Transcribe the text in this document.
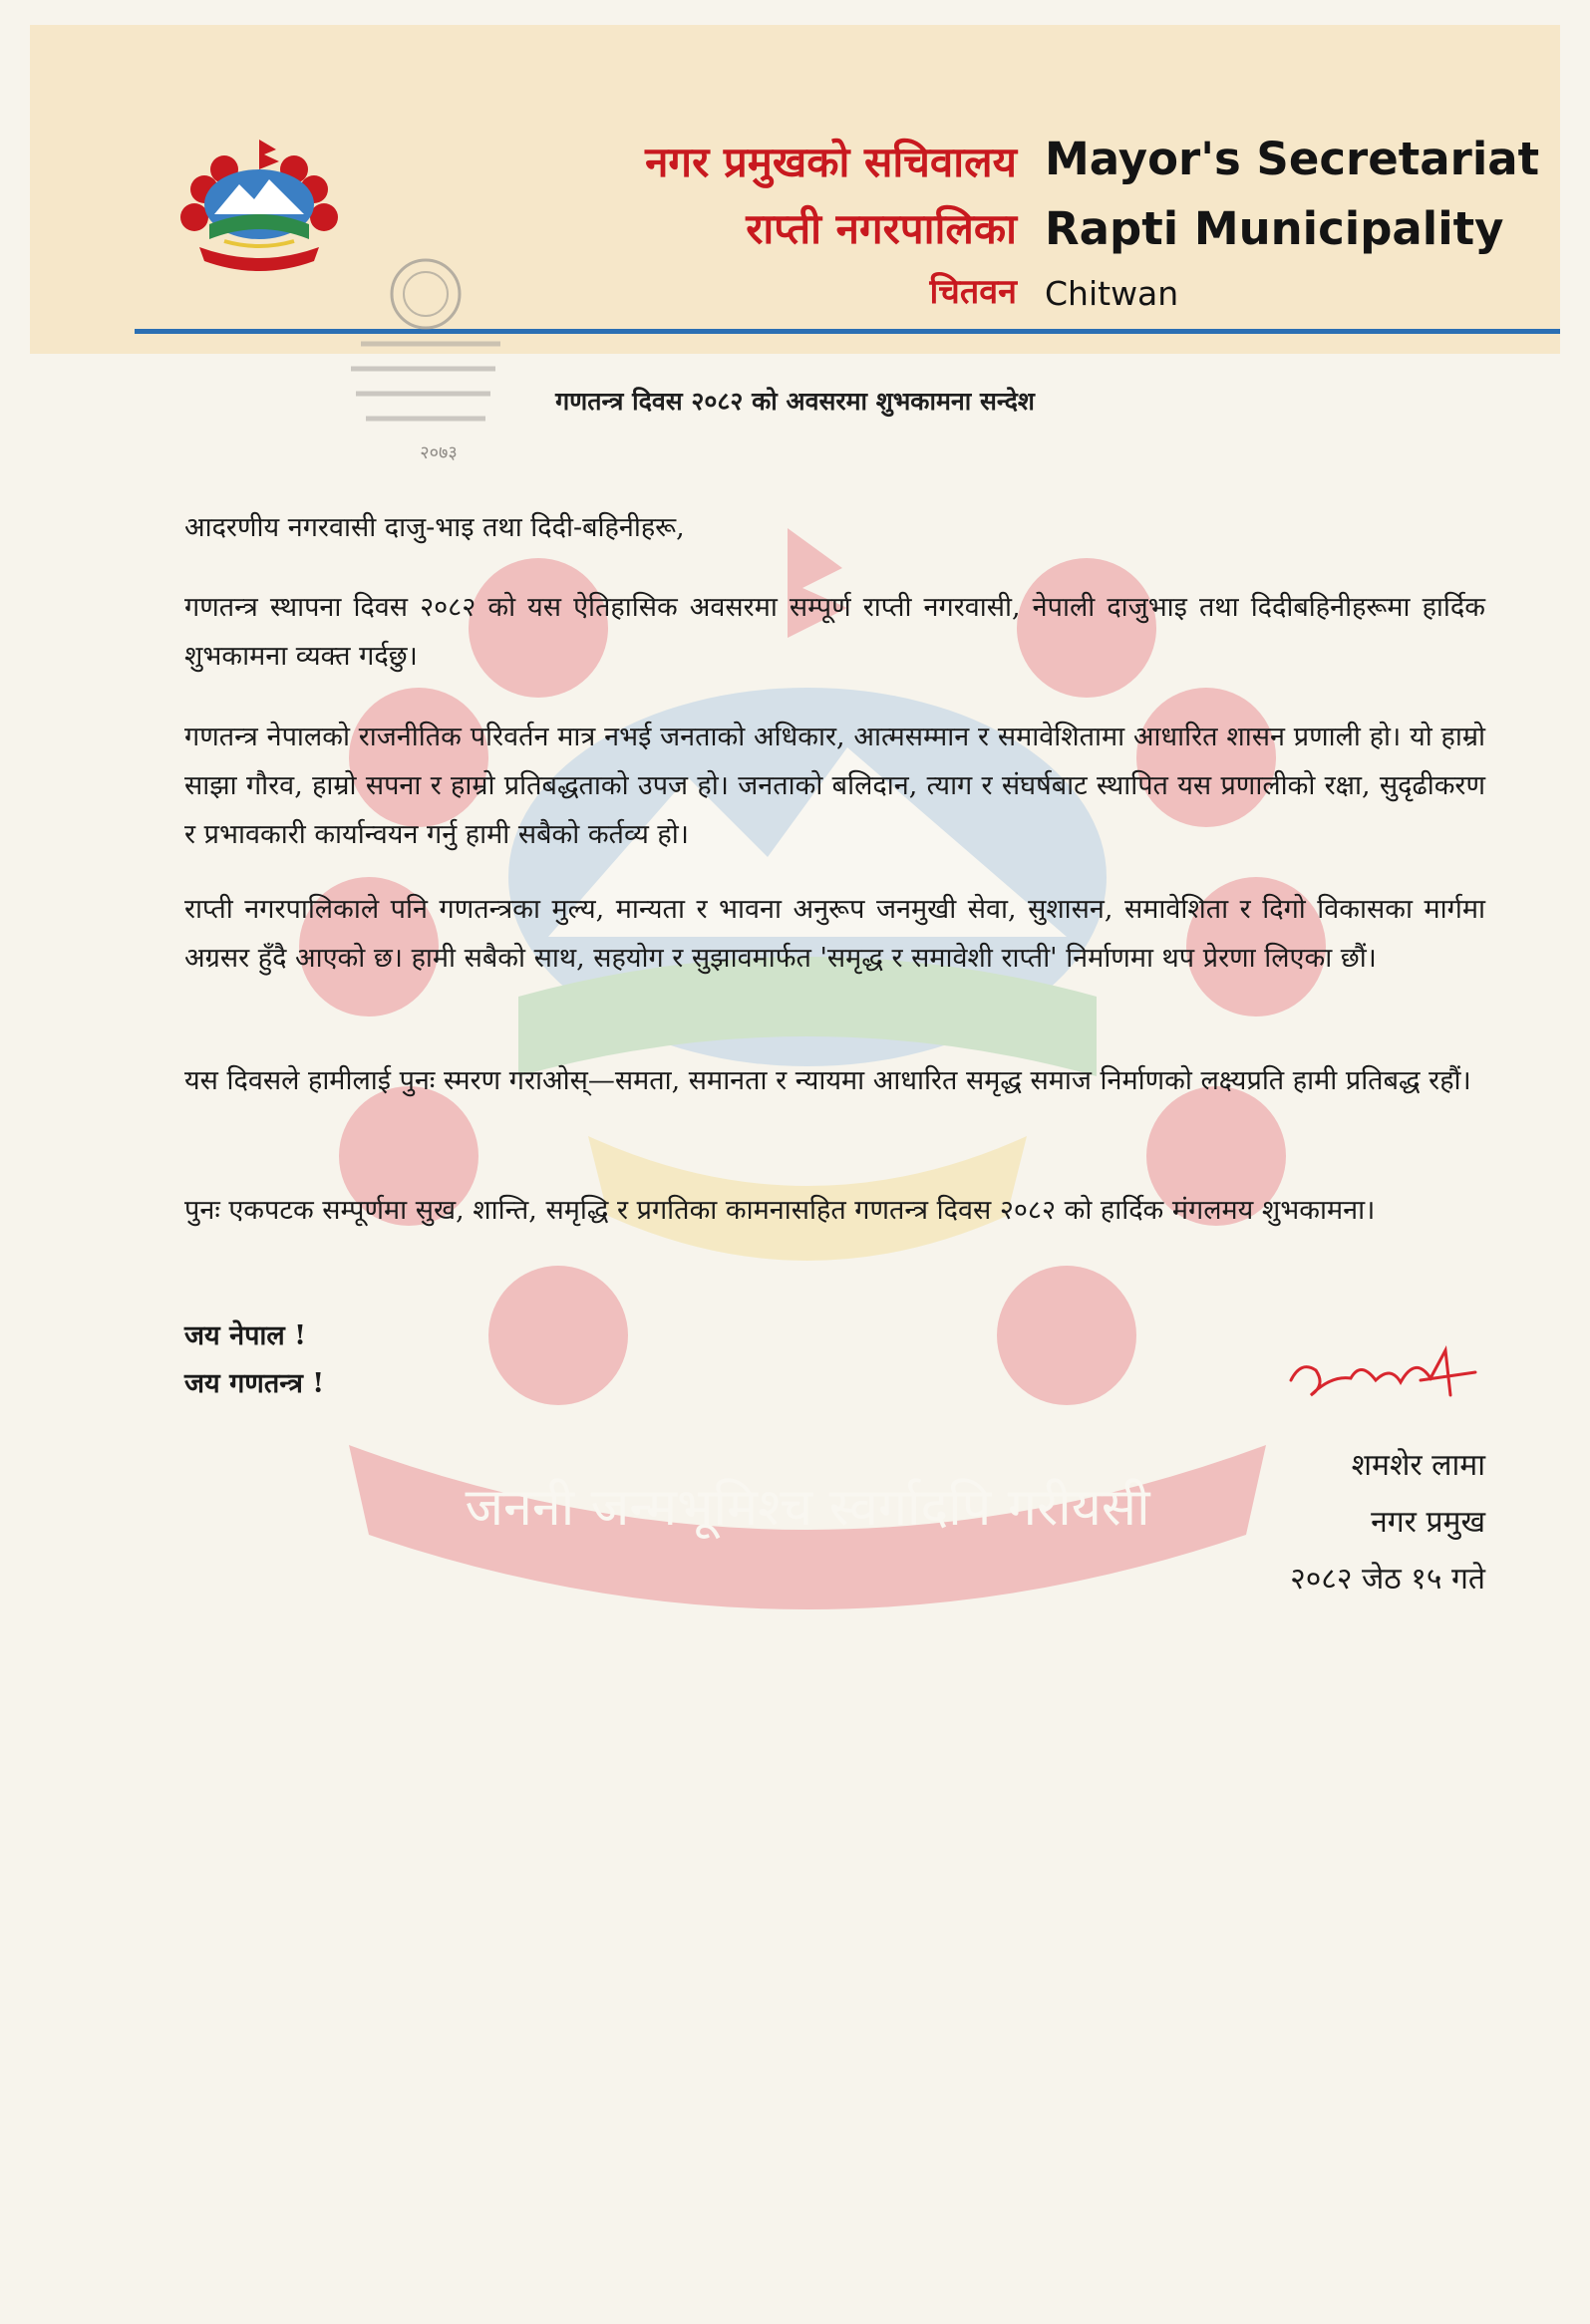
नगर प्रमुखको सचिवालय
राप्ती नगरपालिका
चितवन
Mayor's Secretariat
Rapti Municipality
Chitwan
२०७३
जननी जन्मभूमिश्च स्वर्गादपि गरीयसी
गणतन्त्र दिवस २०८२ को अवसरमा शुभकामना सन्देश
आदरणीय नगरवासी दाजु-भाइ तथा दिदी-बहिनीहरू,
गणतन्त्र स्थापना दिवस २०८२ को यस ऐतिहासिक अवसरमा सम्पूर्ण राप्ती नगरवासी, नेपाली दाजुभाइ तथा दिदीबहिनीहरूमा हार्दिक शुभकामना व्यक्त गर्दछु।
गणतन्त्र नेपालको राजनीतिक परिवर्तन मात्र नभई जनताको अधिकार, आत्मसम्मान र समावेशितामा आधारित शासन प्रणाली हो। यो हाम्रो साझा गौरव, हाम्रो सपना र हाम्रो प्रतिबद्धताको उपज हो। जनताको बलिदान, त्याग र संघर्षबाट स्थापित यस प्रणालीको रक्षा, सुदृढीकरण र प्रभावकारी कार्यान्वयन गर्नु हामी सबैको कर्तव्य हो।
राप्ती नगरपालिकाले पनि गणतन्त्रका मुल्य, मान्यता र भावना अनुरूप जनमुखी सेवा, सुशासन, समावेशिता र दिगो विकासका मार्गमा अग्रसर हुँदै आएको छ। हामी सबैको साथ, सहयोग र सुझावमार्फत 'समृद्ध र समावेशी राप्ती' निर्माणमा थप प्रेरणा लिएका छौं।
यस दिवसले हामीलाई पुनः स्मरण गराओस्—समता, समानता र न्यायमा आधारित समृद्ध समाज निर्माणको लक्ष्यप्रति हामी प्रतिबद्ध रहौं।
पुनः एकपटक सम्पूर्णमा सुख, शान्ति, समृद्धि र प्रगतिका कामनासहित गणतन्त्र दिवस २०८२ को हार्दिक मंगलमय शुभकामना।
जय नेपाल !
जय गणतन्त्र !
शमशेर लामा
नगर प्रमुख
२०८२ जेठ १५ गते
